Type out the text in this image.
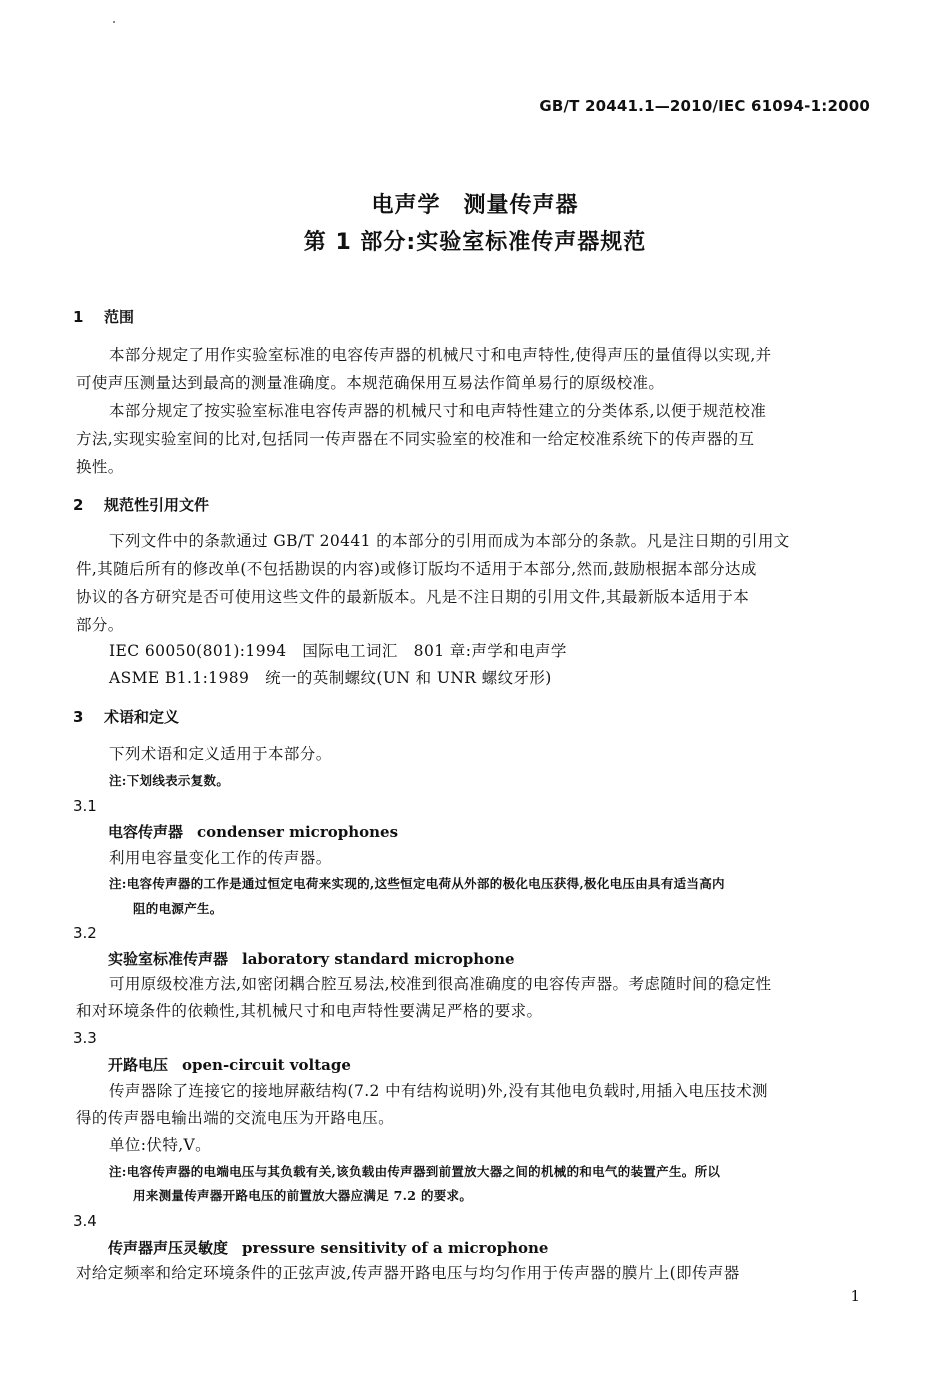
GB/T 20441.1—2010/IEC 61094-1:2000
电声学　测量传声器
第 1 部分:实验室标准传声器规范
1 范围
本部分规定了用作实验室标准的电容传声器的机械尺寸和电声特性,使得声压的量值得以实现,并
可使声压测量达到最高的测量准确度。本规范确保用互易法作简单易行的原级校准。
本部分规定了按实验室标准电容传声器的机械尺寸和电声特性建立的分类体系,以便于规范校准
方法,实现实验室间的比对,包括同一传声器在不同实验室的校准和一给定校准系统下的传声器的互
换性。
2 规范性引用文件
下列文件中的条款通过 GB/T 20441 的本部分的引用而成为本部分的条款。凡是注日期的引用文
件,其随后所有的修改单(不包括勘误的内容)或修订版均不适用于本部分,然而,鼓励根据本部分达成
协议的各方研究是否可使用这些文件的最新版本。凡是不注日期的引用文件,其最新版本适用于本
部分。
IEC 60050(801):1994　国际电工词汇　801 章:声学和电声学
ASME B1.1:1989　统一的英制螺纹(UN 和 UNR 螺纹牙形)
3 术语和定义
下列术语和定义适用于本部分。
注:下划线表示复数。
3.1
电容传声器 condenser microphones
利用电容量变化工作的传声器。
注:电容传声器的工作是通过恒定电荷来实现的,这些恒定电荷从外部的极化电压获得,极化电压由具有适当高内
阻的电源产生。
3.2
实验室标准传声器 laboratory standard microphone
可用原级校准方法,如密闭耦合腔互易法,校准到很高准确度的电容传声器。考虑随时间的稳定性
和对环境条件的依赖性,其机械尺寸和电声特性要满足严格的要求。
3.3
开路电压 open-circuit voltage
传声器除了连接它的接地屏蔽结构(7.2 中有结构说明)外,没有其他电负载时,用插入电压技术测
得的传声器电输出端的交流电压为开路电压。
单位:伏特,V。
注:电容传声器的电端电压与其负载有关,该负载由传声器到前置放大器之间的机械的和电气的装置产生。所以
用来测量传声器开路电压的前置放大器应满足 7.2 的要求。
3.4
传声器声压灵敏度 pressure sensitivity of a microphone
对给定频率和给定环境条件的正弦声波,传声器开路电压与均匀作用于传声器的膜片上(即传声器
1
